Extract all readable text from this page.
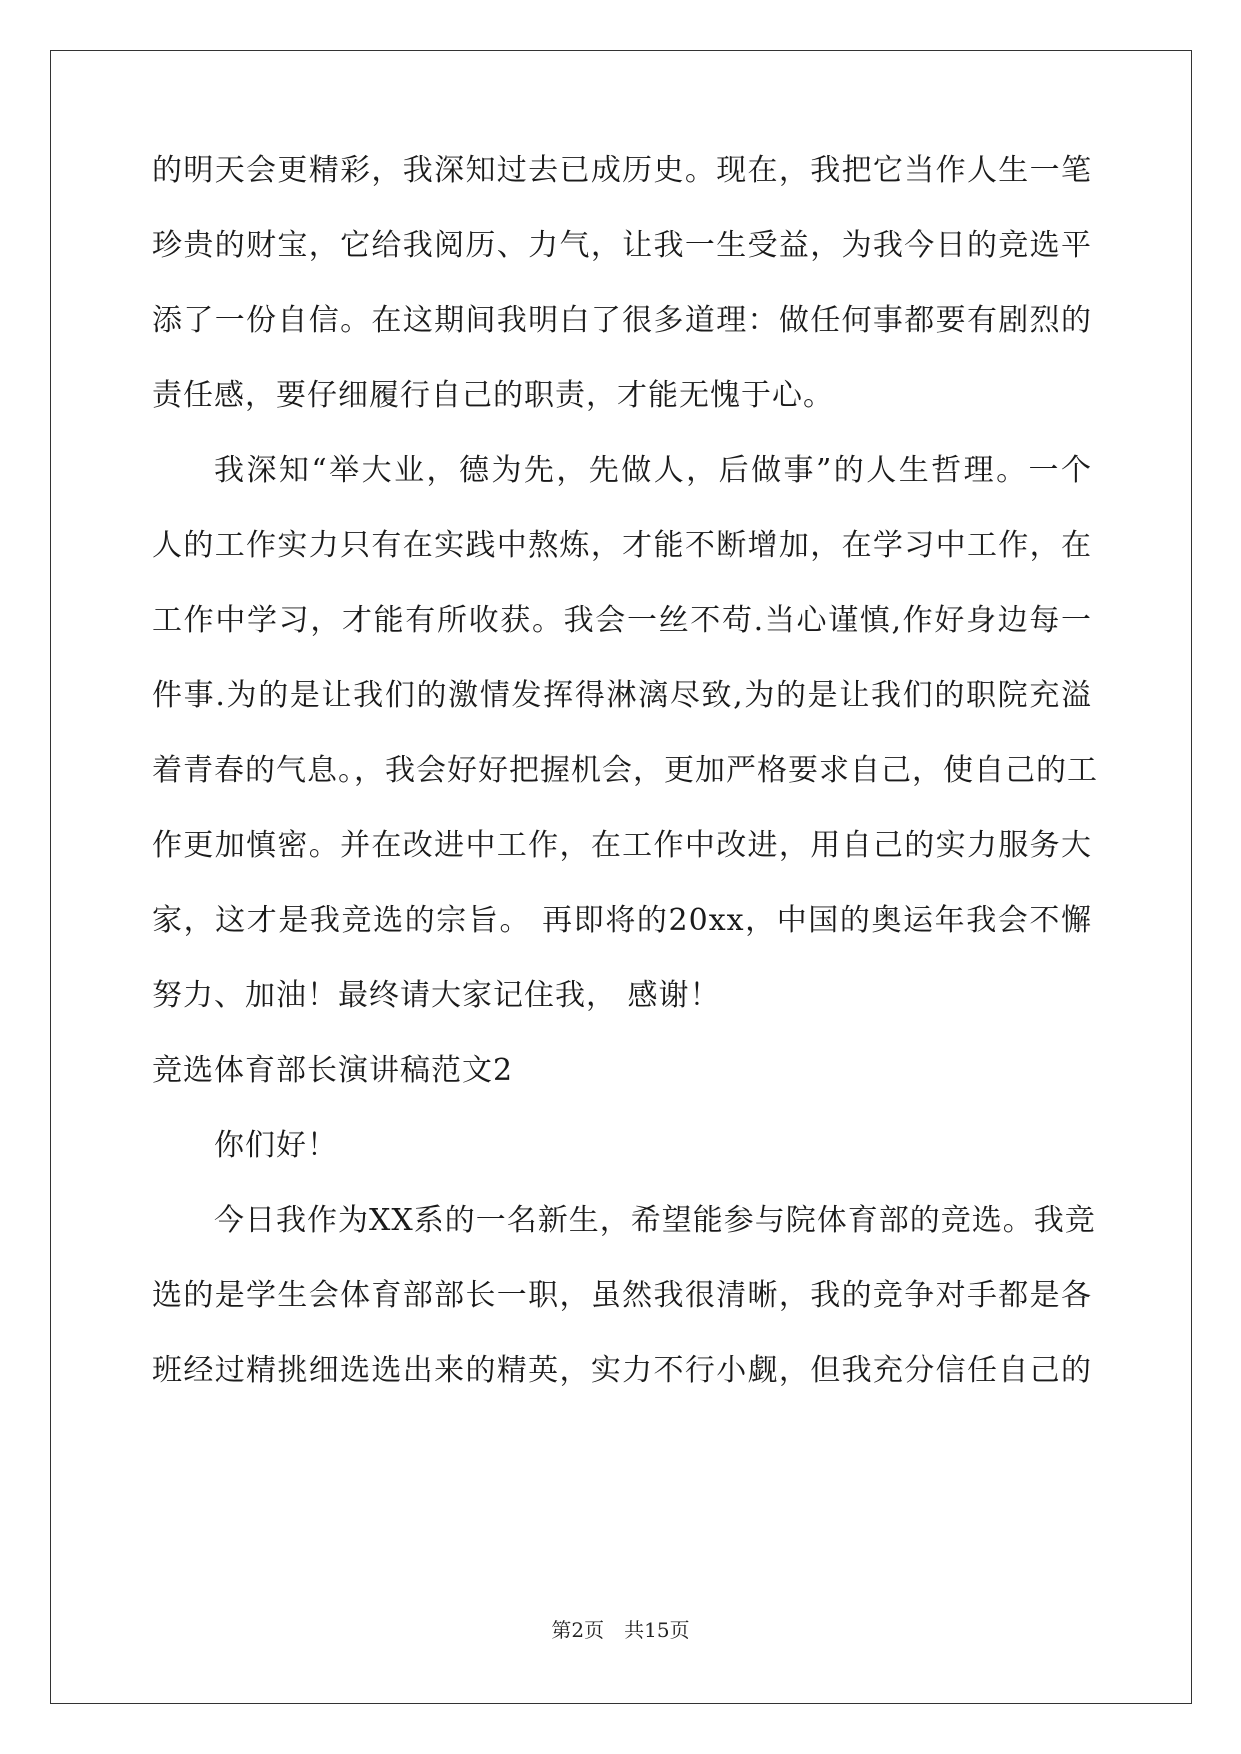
的明天会更精彩，我深知过去已成历史。现在，我把它当作人生一笔
珍贵的财宝，它给我阅历、力气，让我一生受益，为我今日的竞选平
添了一份自信。在这期间我明白了很多道理：做任何事都要有剧烈的
责任感，要仔细履行自己的职责，才能无愧于心。
我深知“举大业，德为先，先做人，后做事”的人生哲理。一个
人的工作实力只有在实践中熬炼，才能不断增加，在学习中工作，在
工作中学习，才能有所收获。我会一丝不苟.当心谨慎,作好身边每一
件事.为的是让我们的激情发挥得淋漓尽致,为的是让我们的职院充溢
着青春的气息。，我会好好把握机会，更加严格要求自己，使自己的工
作更加慎密。并在改进中工作，在工作中改进，用自己的实力服务大
家，这才是我竞选的宗旨。 再即将的20xx，中国的奥运年我会不懈
努力、加油！最终请大家记住我， 感谢！
竞选体育部长演讲稿范文2
你们好！
今日我作为XX系的一名新生，希望能参与院体育部的竞选。我竞
选的是学生会体育部部长一职，虽然我很清晰，我的竞争对手都是各
班经过精挑细选选出来的精英，实力不行小觑，但我充分信任自己的
第2页　共15页
